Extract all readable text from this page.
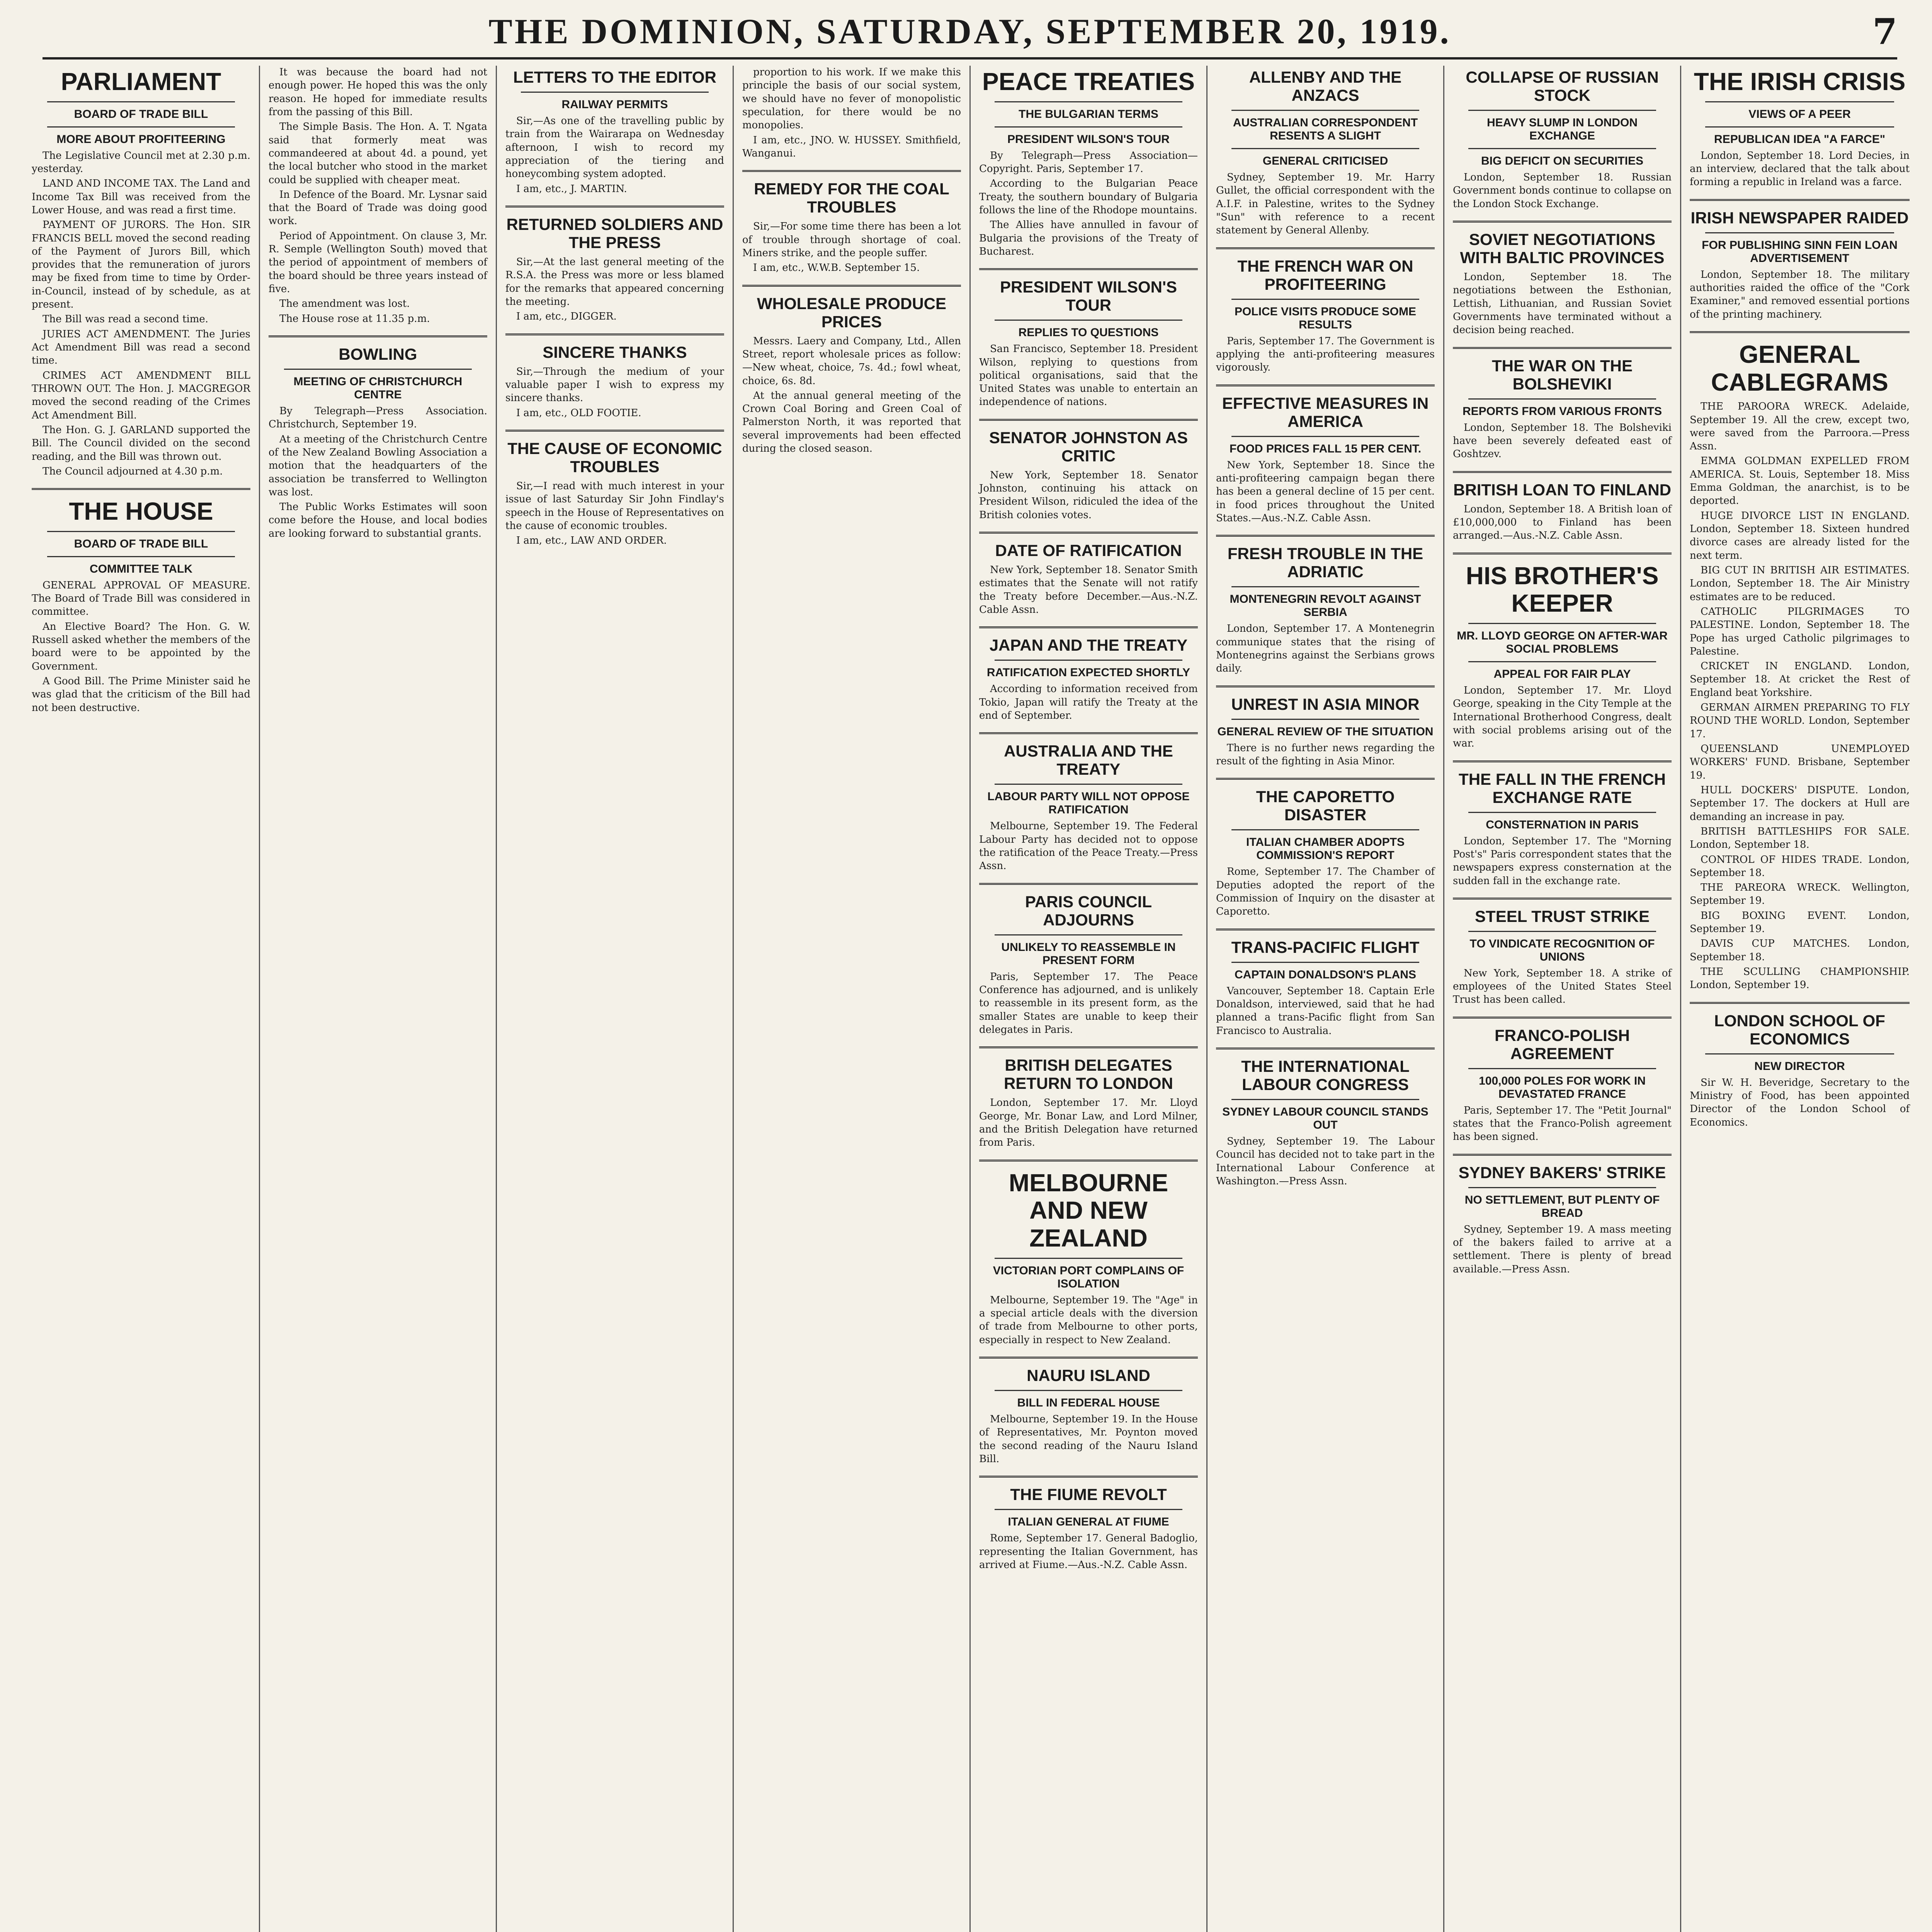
THE DOMINION, SATURDAY, SEPTEMBER 20, 1919.	7
PARLIAMENT
BOARD OF TRADE BILL
MORE ABOUT PROFITEERING

The Legislative Council met at 2.30 p.m. yesterday.

LAND AND INCOME TAX. The Land and Income Tax Bill was received from the Lower House, and was read a first time.

PAYMENT OF JURORS. The Hon. SIR FRANCIS BELL moved the second reading of the Payment of Jurors Bill, which provides that the remuneration of jurors may be fixed from time to time by Order-in-Council, instead of by schedule, as at present.

The Bill was read a second time.

JURIES ACT AMENDMENT. The Juries Act Amendment Bill was read a second time.

CRIMES ACT AMENDMENT BILL THROWN OUT. The Hon. J. MACGREGOR moved the second reading of the Crimes Act Amendment Bill.

The Hon. G. J. GARLAND supported the Bill. The Council divided on the second reading, and the Bill was thrown out.

The Council adjourned at 4.30 p.m.

THE HOUSE
BOARD OF TRADE BILL
COMMITTEE TALK

GENERAL APPROVAL OF MEASURE. The Board of Trade Bill was considered in committee.

An Elective Board? The Hon. G. W. Russell asked whether the members of the board were to be appointed by the Government.

A Good Bill. The Prime Minister said he was glad that the criticism of the Bill had not been destructive.

It was because the board had not enough power. He hoped this was the only reason. He hoped for immediate results from the passing of this Bill.

The Simple Basis. The Hon. A. T. Ngata said that formerly meat was commandeered at about 4d. a pound, yet the local butcher who stood in the market could be supplied with cheaper meat.

In Defence of the Board. Mr. Lysnar said that the Board of Trade was doing good work.

Period of Appointment. On clause 3, Mr. R. Semple (Wellington South) moved that the period of appointment of members of the board should be three years instead of five.

The amendment was lost.

The House rose at 11.35 p.m.

BOWLING
MEETING OF CHRISTCHURCH CENTRE

By Telegraph—Press Association. Christchurch, September 19.

At a meeting of the Christchurch Centre of the New Zealand Bowling Association a motion that the headquarters of the association be transferred to Wellington was lost.

The Public Works Estimates will soon come before the House, and local bodies are looking forward to substantial grants.

LETTERS TO THE EDITOR
RAILWAY PERMITS

Sir,—As one of the travelling public by train from the Wairarapa on Wednesday afternoon, I wish to record my appreciation of the tiering and honeycombing system adopted.

I am, etc., J. MARTIN.

RETURNED SOLDIERS AND THE PRESS

Sir,—At the last general meeting of the R.S.A. the Press was more or less blamed for the remarks that appeared concerning the meeting.

I am, etc., DIGGER.

SINCERE THANKS

Sir,—Through the medium of your valuable paper I wish to express my sincere thanks.

I am, etc., OLD FOOTIE.

THE CAUSE OF ECONOMIC TROUBLES

Sir,—I read with much interest in your issue of last Saturday Sir John Findlay's speech in the House of Representatives on the cause of economic troubles.

I am, etc., LAW AND ORDER.

proportion to his work. If we make this principle the basis of our social system, we should have no fever of monopolistic speculation, for there would be no monopolies.

I am, etc., JNO. W. HUSSEY. Smithfield, Wanganui.

REMEDY FOR THE COAL TROUBLES

Sir,—For some time there has been a lot of trouble through shortage of coal. Miners strike, and the people suffer.

I am, etc., W.W.B. September 15.

WHOLESALE PRODUCE PRICES

Messrs. Laery and Company, Ltd., Allen Street, report wholesale prices as follow:—New wheat, choice, 7s. 4d.; fowl wheat, choice, 6s. 8d.

At the annual general meeting of the Crown Coal Boring and Green Coal of Palmerston North, it was reported that several improvements had been effected during the closed season.

PEACE TREATIES
THE BULGARIAN TERMS
PRESIDENT WILSON'S TOUR

By Telegraph—Press Association—Copyright. Paris, September 17.

According to the Bulgarian Peace Treaty, the southern boundary of Bulgaria follows the line of the Rhodope mountains.

The Allies have annulled in favour of Bulgaria the provisions of the Treaty of Bucharest.

PRESIDENT WILSON'S TOUR
REPLIES TO QUESTIONS

San Francisco, September 18. President Wilson, replying to questions from political organisations, said that the United States was unable to entertain an independence of nations.

SENATOR JOHNSTON AS CRITIC

New York, September 18. Senator Johnston, continuing his attack on President Wilson, ridiculed the idea of the British colonies votes.

DATE OF RATIFICATION

New York, September 18. Senator Smith estimates that the Senate will not ratify the Treaty before December.—Aus.-N.Z. Cable Assn.

JAPAN AND THE TREATY
RATIFICATION EXPECTED SHORTLY

According to information received from Tokio, Japan will ratify the Treaty at the end of September.

AUSTRALIA AND THE TREATY
LABOUR PARTY WILL NOT OPPOSE RATIFICATION

Melbourne, September 19. The Federal Labour Party has decided not to oppose the ratification of the Peace Treaty.—Press Assn.

PARIS COUNCIL ADJOURNS
UNLIKELY TO REASSEMBLE IN PRESENT FORM

Paris, September 17. The Peace Conference has adjourned, and is unlikely to reassemble in its present form, as the smaller States are unable to keep their delegates in Paris.

BRITISH DELEGATES RETURN TO LONDON

London, September 17. Mr. Lloyd George, Mr. Bonar Law, and Lord Milner, and the British Delegation have returned from Paris.

MELBOURNE AND NEW ZEALAND
VICTORIAN PORT COMPLAINS OF ISOLATION

Melbourne, September 19. The "Age" in a special article deals with the diversion of trade from Melbourne to other ports, especially in respect to New Zealand.

NAURU ISLAND
BILL IN FEDERAL HOUSE

Melbourne, September 19. In the House of Representatives, Mr. Poynton moved the second reading of the Nauru Island Bill.

THE FIUME REVOLT
ITALIAN GENERAL AT FIUME

Rome, September 17. General Badoglio, representing the Italian Government, has arrived at Fiume.—Aus.-N.Z. Cable Assn.

ALLENBY AND THE ANZACS
AUSTRALIAN CORRESPONDENT RESENTS A SLIGHT
GENERAL CRITICISED

Sydney, September 19. Mr. Harry Gullet, the official correspondent with the A.I.F. in Palestine, writes to the Sydney "Sun" with reference to a recent statement by General Allenby.

THE FRENCH WAR ON PROFITEERING
POLICE VISITS PRODUCE SOME RESULTS

Paris, September 17. The Government is applying the anti-profiteering measures vigorously.

EFFECTIVE MEASURES IN AMERICA
FOOD PRICES FALL 15 PER CENT.

New York, September 18. Since the anti-profiteering campaign began there has been a general decline of 15 per cent. in food prices throughout the United States.—Aus.-N.Z. Cable Assn.

FRESH TROUBLE IN THE ADRIATIC
MONTENEGRIN REVOLT AGAINST SERBIA

London, September 17. A Montenegrin communique states that the rising of Montenegrins against the Serbians grows daily.

UNREST IN ASIA MINOR
GENERAL REVIEW OF THE SITUATION

There is no further news regarding the result of the fighting in Asia Minor.

THE CAPORETTO DISASTER
ITALIAN CHAMBER ADOPTS COMMISSION'S REPORT

Rome, September 17. The Chamber of Deputies adopted the report of the Commission of Inquiry on the disaster at Caporetto.

TRANS-PACIFIC FLIGHT
CAPTAIN DONALDSON'S PLANS

Vancouver, September 18. Captain Erle Donaldson, interviewed, said that he had planned a trans-Pacific flight from San Francisco to Australia.

THE INTERNATIONAL LABOUR CONGRESS
SYDNEY LABOUR COUNCIL STANDS OUT

Sydney, September 19. The Labour Council has decided not to take part in the International Labour Conference at Washington.—Press Assn.

COLLAPSE OF RUSSIAN STOCK
HEAVY SLUMP IN LONDON EXCHANGE
BIG DEFICIT ON SECURITIES

London, September 18. Russian Government bonds continue to collapse on the London Stock Exchange.

SOVIET NEGOTIATIONS WITH BALTIC PROVINCES

London, September 18. The negotiations between the Esthonian, Lettish, Lithuanian, and Russian Soviet Governments have terminated without a decision being reached.

THE WAR ON THE BOLSHEVIKI
REPORTS FROM VARIOUS FRONTS

London, September 18. The Bolsheviki have been severely defeated east of Goshtzev.

BRITISH LOAN TO FINLAND

London, September 18. A British loan of £10,000,000 to Finland has been arranged.—Aus.-N.Z. Cable Assn.

HIS BROTHER'S KEEPER
MR. LLOYD GEORGE ON AFTER-WAR SOCIAL PROBLEMS
APPEAL FOR FAIR PLAY

London, September 17. Mr. Lloyd George, speaking in the City Temple at the International Brotherhood Congress, dealt with social problems arising out of the war.

THE FALL IN THE FRENCH EXCHANGE RATE
CONSTERNATION IN PARIS

London, September 17. The "Morning Post's" Paris correspondent states that the newspapers express consternation at the sudden fall in the exchange rate.

STEEL TRUST STRIKE
TO VINDICATE RECOGNITION OF UNIONS

New York, September 18. A strike of employees of the United States Steel Trust has been called.

FRANCO-POLISH AGREEMENT
100,000 POLES FOR WORK IN DEVASTATED FRANCE

Paris, September 17. The "Petit Journal" states that the Franco-Polish agreement has been signed.

SYDNEY BAKERS' STRIKE
NO SETTLEMENT, BUT PLENTY OF BREAD

Sydney, September 19. A mass meeting of the bakers failed to arrive at a settlement. There is plenty of bread available.—Press Assn.

THE IRISH CRISIS
VIEWS OF A PEER
REPUBLICAN IDEA "A FARCE"

London, September 18. Lord Decies, in an interview, declared that the talk about forming a republic in Ireland was a farce.

IRISH NEWSPAPER RAIDED
FOR PUBLISHING SINN FEIN LOAN ADVERTISEMENT

London, September 18. The military authorities raided the office of the "Cork Examiner," and removed essential portions of the printing machinery.

GENERAL CABLEGRAMS

THE PAROORA WRECK. Adelaide, September 19. All the crew, except two, were saved from the Parroora.—Press Assn.

EMMA GOLDMAN EXPELLED FROM AMERICA. St. Louis, September 18. Miss Emma Goldman, the anarchist, is to be deported.

HUGE DIVORCE LIST IN ENGLAND. London, September 18. Sixteen hundred divorce cases are already listed for the next term.

BIG CUT IN BRITISH AIR ESTIMATES. London, September 18. The Air Ministry estimates are to be reduced.

CATHOLIC PILGRIMAGES TO PALESTINE. London, September 18. The Pope has urged Catholic pilgrimages to Palestine.

CRICKET IN ENGLAND. London, September 18. At cricket the Rest of England beat Yorkshire.

GERMAN AIRMEN PREPARING TO FLY ROUND THE WORLD. London, September 17.

QUEENSLAND UNEMPLOYED WORKERS' FUND. Brisbane, September 19.

HULL DOCKERS' DISPUTE. London, September 17. The dockers at Hull are demanding an increase in pay.

BRITISH BATTLESHIPS FOR SALE. London, September 18.

CONTROL OF HIDES TRADE. London, September 18.

THE PAREORA WRECK. Wellington, September 19.

BIG BOXING EVENT. London, September 19.

DAVIS CUP MATCHES. London, September 18.

THE SCULLING CHAMPIONSHIP. London, September 19.

LONDON SCHOOL OF ECONOMICS
NEW DIRECTOR

Sir W. H. Beveridge, Secretary to the Ministry of Food, has been appointed Director of the London School of Economics.
